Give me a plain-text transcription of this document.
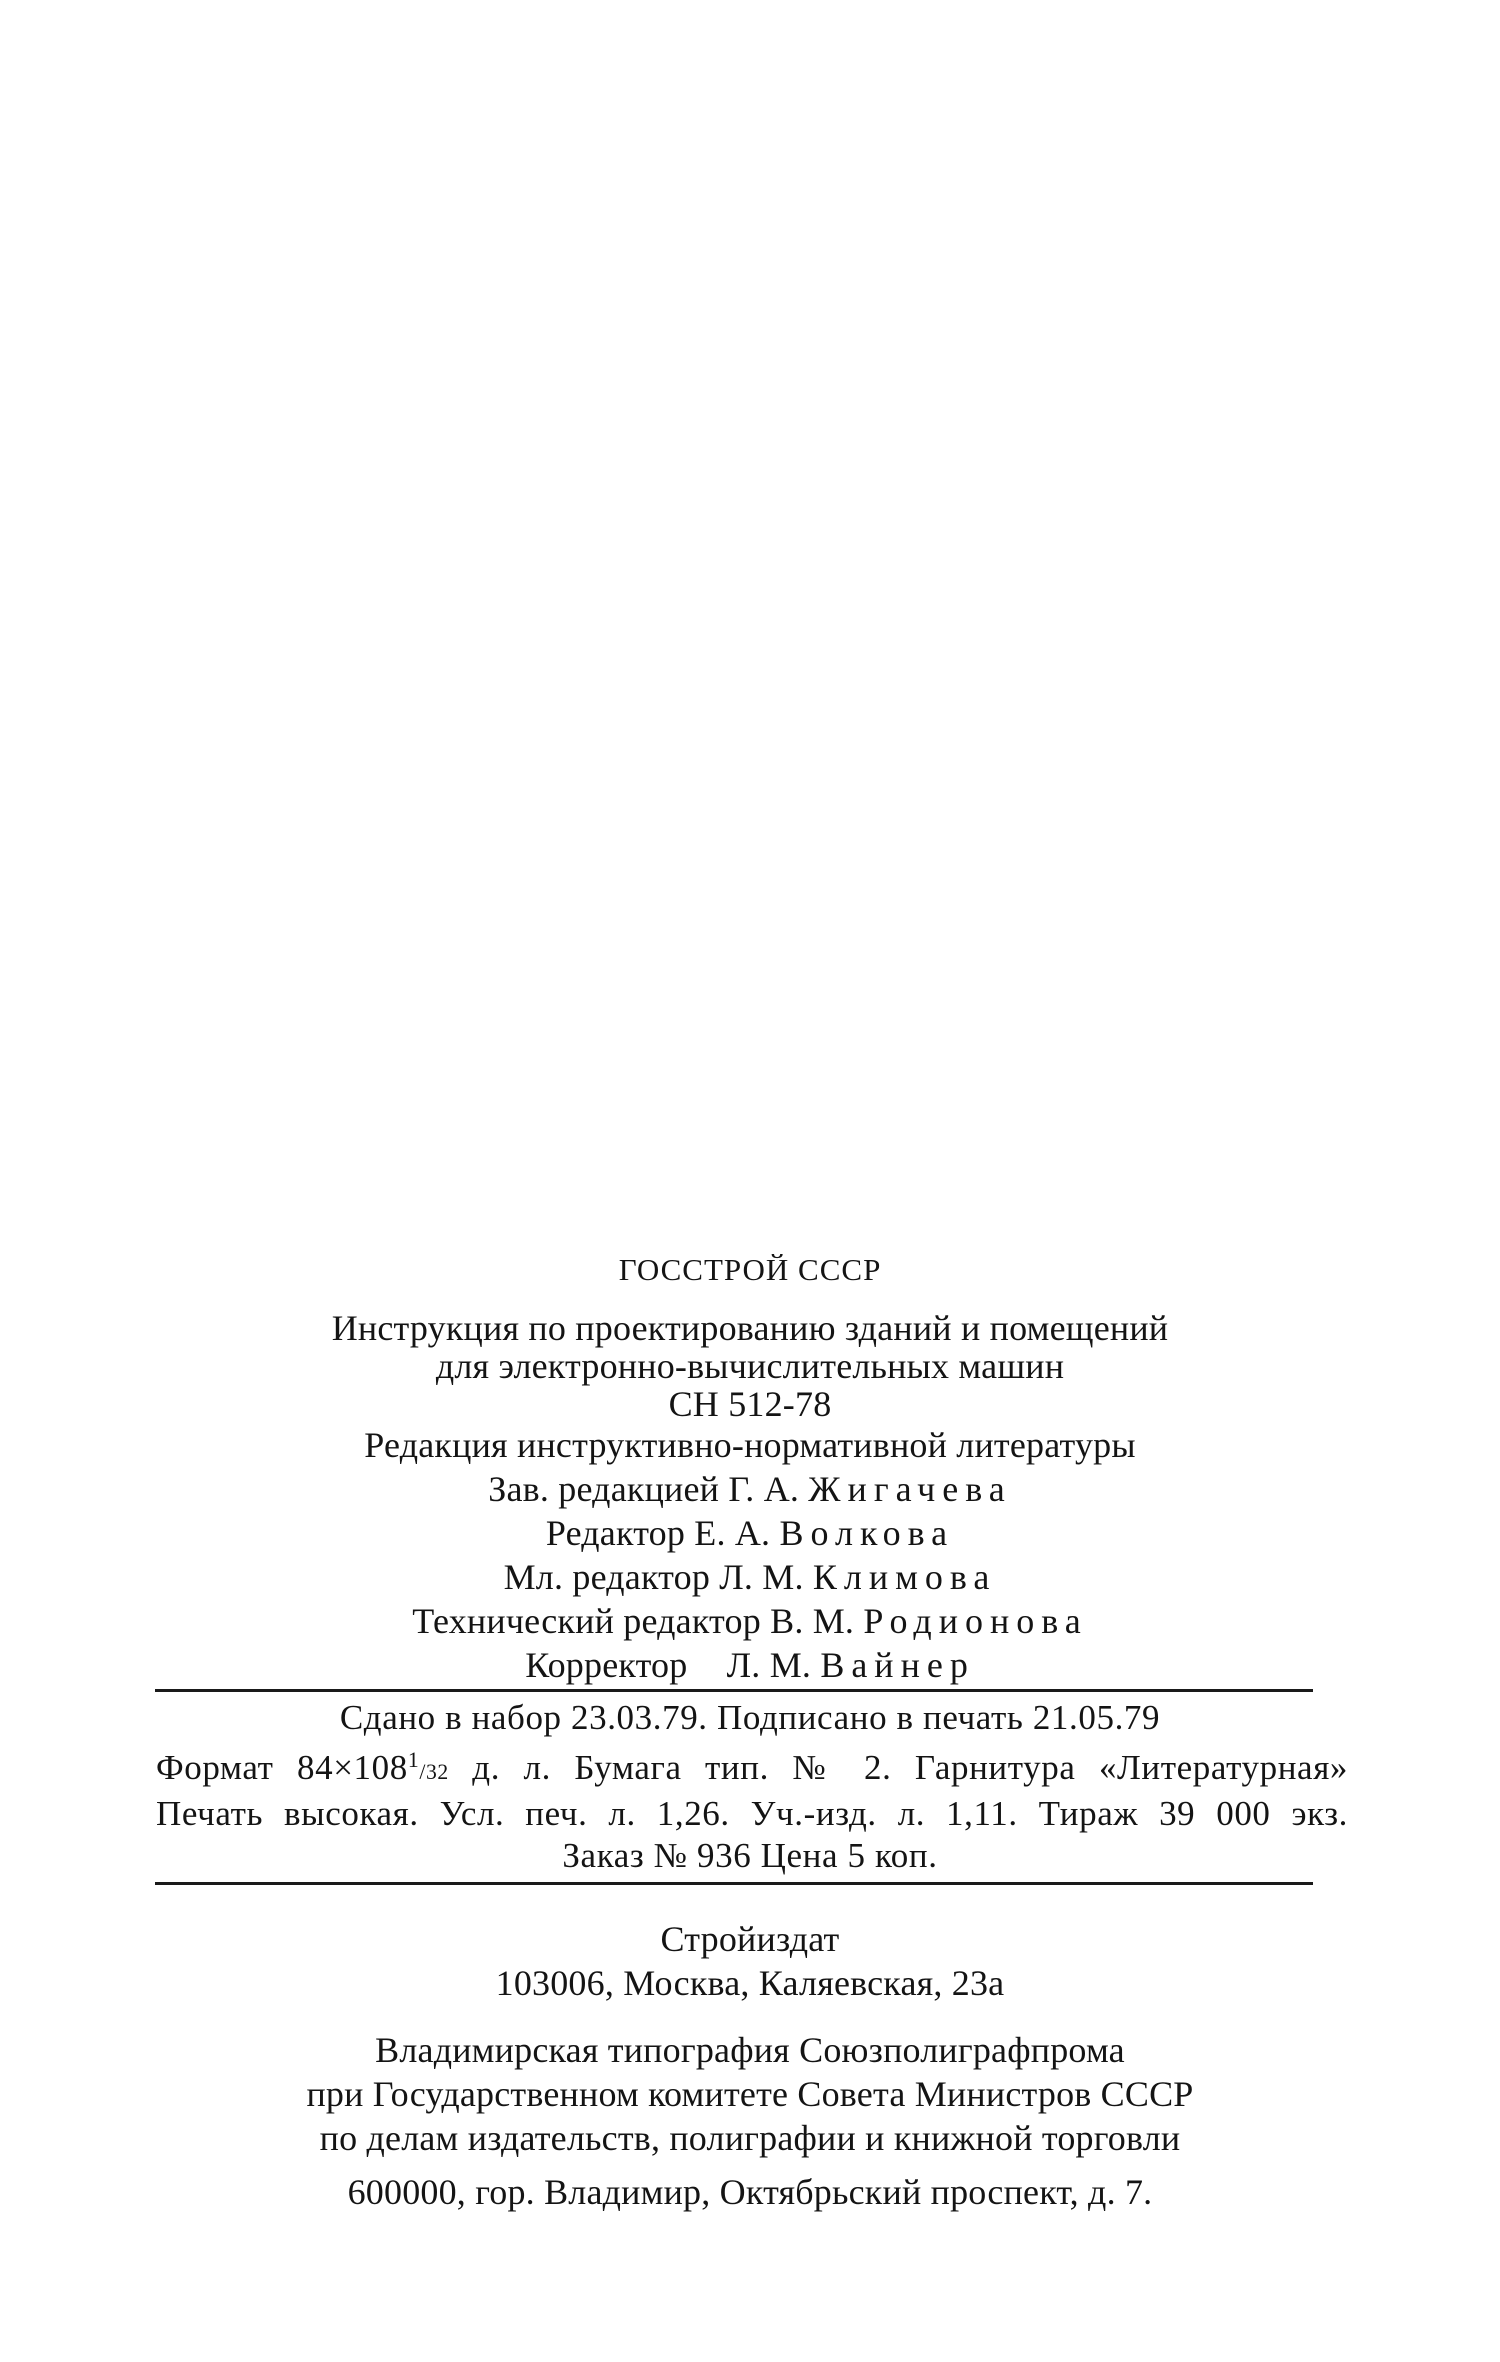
ГОССТРОЙ СССР
Инструкция по проектированию зданий и помещений
для электронно-вычислительных машин
СН 512-78
Редакция инструктивно-нормативной литературы
Зав. редакцией Г. А. Жигачева
Редактор Е. А. Волкова
Мл. редактор Л. М. Климова
Технический редактор В. М. Родионова
Корректор Л. М. Вайнер
Сдано в набор 23.03.79. Подписано в печать 21.05.79
Формат $84\times 108^1/32$ д. л. Бумага тип. № 2. Гарнитура «Литературная»
Печать высокая. Усл. печ. л. 1,26. Уч.-изд. л. 1,11. Тираж 39 000 экз.
Заказ № 936 Цена 5 коп.
Стройиздат
103006, Москва, Каляевская, 23а
Владимирская типография Союзполиграфпрома
при Государственном комитете Совета Министров СССР
по делам издательств, полиграфии и книжной торговли
600000, гор. Владимир, Октябрьский проспект, д. 7.
